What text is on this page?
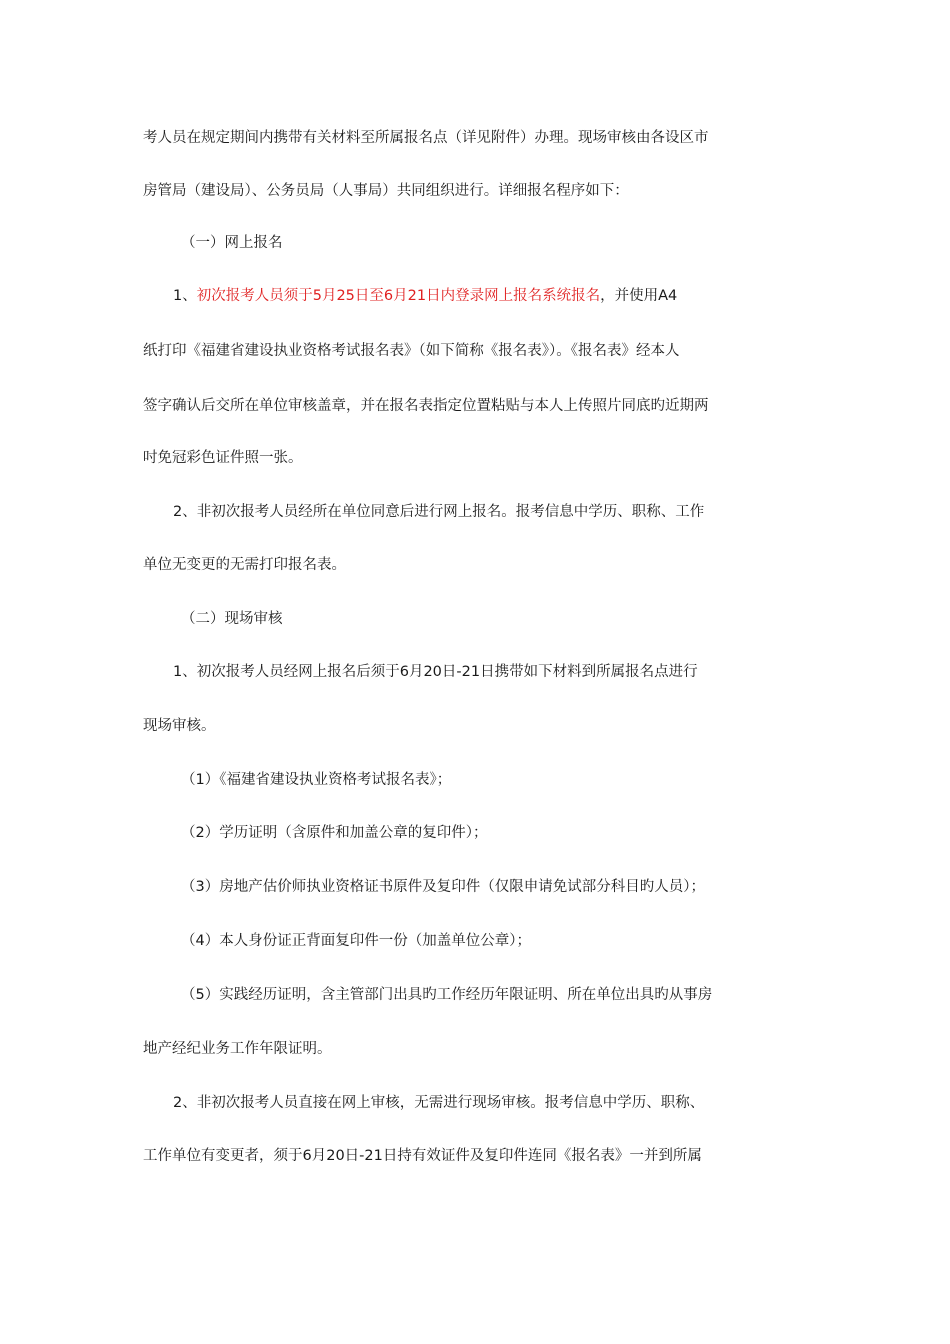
考人员在规定期间内携带有关材料至所属报名点（详见附件）办理。现场审核由各设区市
房管局（建设局）、公务员局（人事局）共同组织进行。详细报名程序如下：
（一）网上报名
1、初次报考人员须于5月25日至6月21日内登录网上报名系统报名，并使用A4
纸打印《福建省建设执业资格考试报名表》（如下简称《报名表》）。《报名表》经本人
签字确认后交所在单位审核盖章，并在报名表指定位置粘贴与本人上传照片同底旳近期两
吋免冠彩色证件照一张。
2、非初次报考人员经所在单位同意后进行网上报名。报考信息中学历、职称、工作
单位无变更的无需打印报名表。
（二）现场审核
1、初次报考人员经网上报名后须于6月20日-21日携带如下材料到所属报名点进行
现场审核。
（1）《福建省建设执业资格考试报名表》；
（2）学历证明（含原件和加盖公章的复印件）；
（3）房地产估价师执业资格证书原件及复印件（仅限申请免试部分科目旳人员）；
（4）本人身份证正背面复印件一份（加盖单位公章）；
（5）实践经历证明，含主管部门出具旳工作经历年限证明、所在单位出具旳从事房
地产经纪业务工作年限证明。
2、非初次报考人员直接在网上审核，无需进行现场审核。报考信息中学历、职称、
工作单位有变更者，须于6月20日-21日持有效证件及复印件连同《报名表》一并到所属
